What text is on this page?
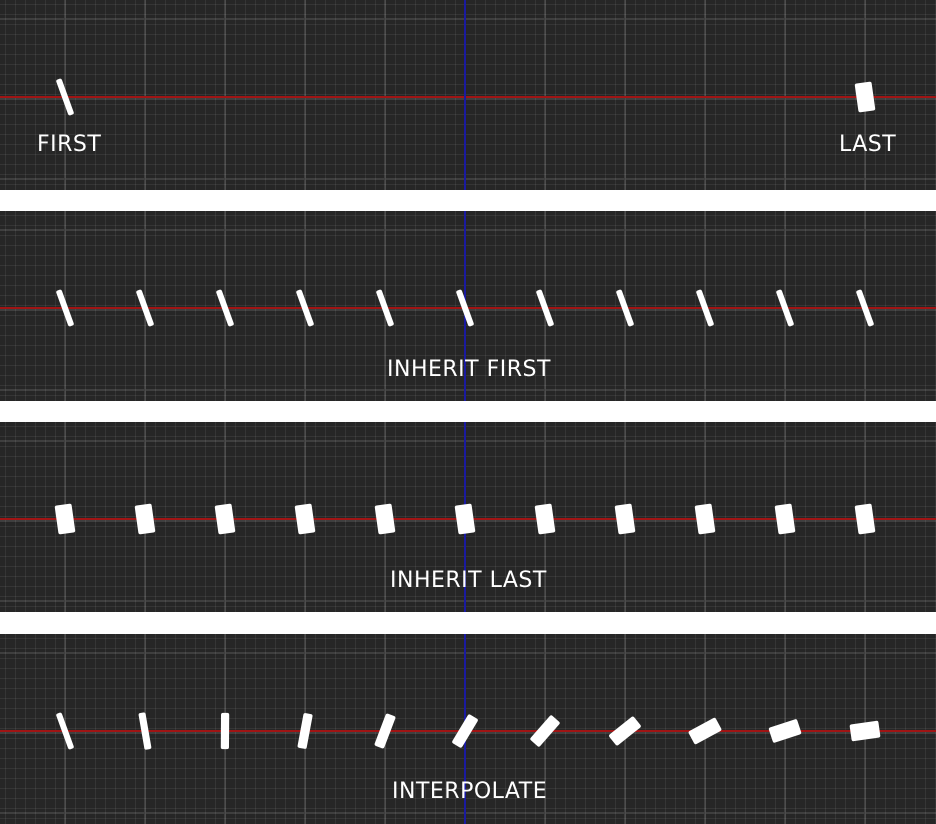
FIRST	LAST
INHERIT FIRST
INHERIT LAST
INTERPOLATE
